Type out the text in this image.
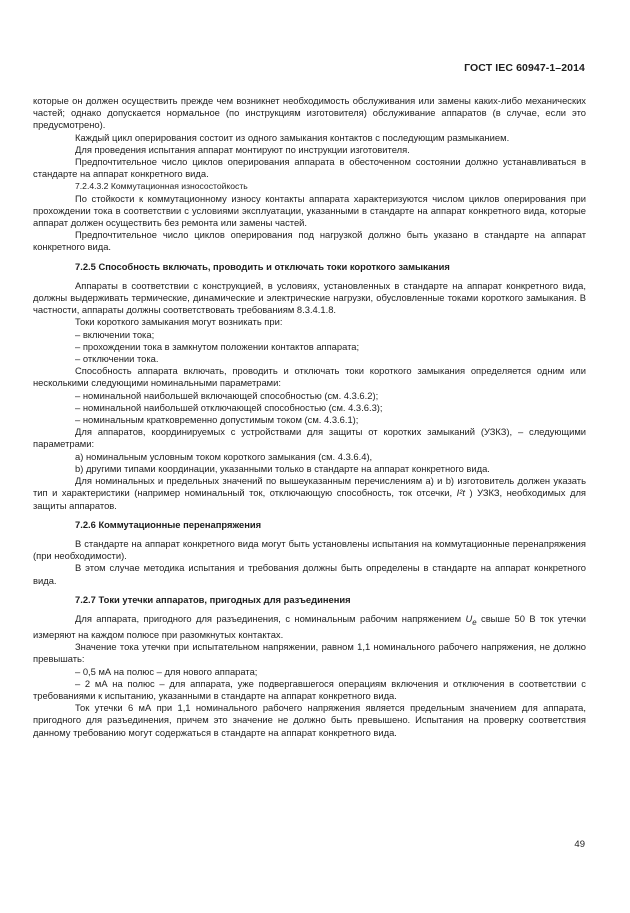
ГОСТ IEC 60947-1–2014

которые он должен осуществить прежде чем возникнет необходимость обслуживания или замены каких-либо механических частей; однако допускается нормальное (по инструкциям изготовителя) обслуживание аппаратов (в случае, если это предусмотрено).

Каждый цикл оперирования состоит из одного замыкания контактов с последующим размыканием.

Для проведения испытания аппарат монтируют по инструкции изготовителя.

Предпочтительное число циклов оперирования аппарата в обесточенном состоянии должно устанавливаться в стандарте на аппарат конкретного вида.

7.2.4.3.2 Коммутационная износостойкость

По стойкости к коммутационному износу контакты аппарата характеризуются числом циклов оперирования при прохождении тока в соответствии с условиями эксплуатации, указанными в стандарте на аппарат конкретного вида, которые аппарат должен осуществить без ремонта или замены частей.

Предпочтительное число циклов оперирования под нагрузкой должно быть указано в стандарте на аппарат конкретного вида.

7.2.5 Способность включать, проводить и отключать токи короткого замыкания

Аппараты в соответствии с конструкцией, в условиях, установленных в стандарте на аппарат конкретного вида, должны выдерживать термические, динамические и электрические нагрузки, обусловленные токами короткого замыкания. В частности, аппараты должны соответствовать требованиям 8.3.4.1.8.

Токи короткого замыкания могут возникать при:

– включении тока;

– прохождении тока в замкнутом положении контактов аппарата;

– отключении тока.

Способность аппарата включать, проводить и отключать токи короткого замыкания определяется одним или несколькими следующими номинальными параметрами:

– номинальной наибольшей включающей способностью (см. 4.3.6.2);

– номинальной наибольшей отключающей способностью (см. 4.3.6.3);

– номинальным кратковременно допустимым током (см. 4.3.6.1);

Для аппаратов, координируемых с устройствами для защиты от коротких замыканий (УЗКЗ), – следующими параметрами:

a) номинальным условным током короткого замыкания (см. 4.3.6.4),

b) другими типами координации, указанными только в стандарте на аппарат конкретного вида.

Для номинальных и предельных значений по вышеуказанным перечислениям a) и b) изготовитель должен указать тип и характеристики (например номинальный ток, отключающую способность, ток отсечки, I²t ) УЗКЗ, необходимых для защиты аппаратов.

7.2.6 Коммутационные перенапряжения

В стандарте на аппарат конкретного вида могут быть установлены испытания на коммутационные перенапряжения (при необходимости).

В этом случае методика испытания и требования должны быть определены в стандарте на аппарат конкретного вида.

7.2.7 Токи утечки аппаратов, пригодных для разъединения

Для аппарата, пригодного для разъединения, с номинальным рабочим напряжением $U_e$ свыше 50 В ток утечки измеряют на каждом полюсе при разомкнутых контактах.

Значение тока утечки при испытательном напряжении, равном 1,1 номинального рабочего напряжения, не должно превышать:

– 0,5 мА на полюс – для нового аппарата;

– 2 мА на полюс – для аппарата, уже подвергавшегося операциям включения и отключения в соответствии с требованиями к испытанию, указанными в стандарте на аппарат конкретного вида.

Ток утечки 6 мА при 1,1 номинального рабочего напряжения является предельным значением для аппарата, пригодного для разъединения, причем это значение не должно быть превышено. Испытания на проверку соответствия данному требованию могут содержаться в стандарте на аппарат конкретного вида.

49
